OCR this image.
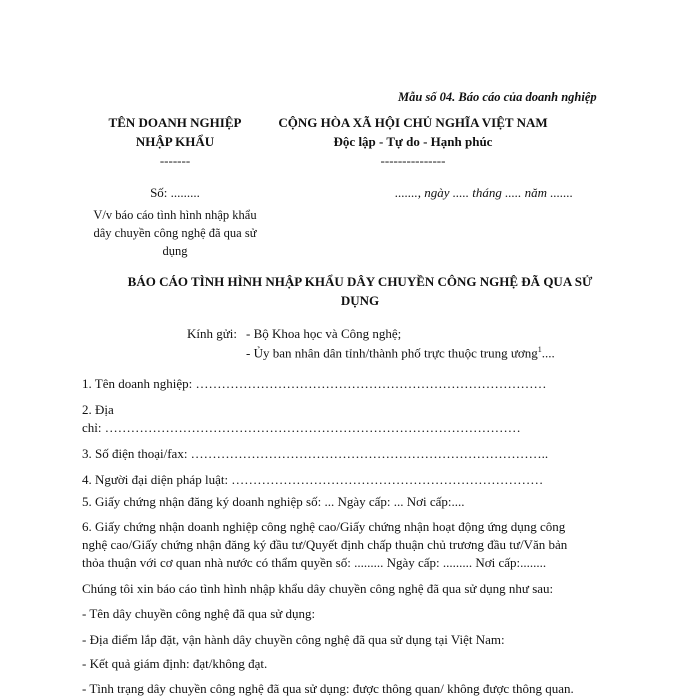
Mẫu số 04. Báo cáo của doanh nghiệp
TÊN DOANH NGHIỆP
NHẬP KHẨU
-------
Số: .........
V/v báo cáo tình hình nhập khẩu
dây chuyền công nghệ đã qua sử
dụng
CỘNG HÒA XÃ HỘI CHỦ NGHĨA VIỆT NAM
Độc lập - Tự do - Hạnh phúc
---------------
......., ngày ..... tháng ..... năm .......
BÁO CÁO TÌNH HÌNH NHẬP KHẨU DÂY CHUYỀN CÔNG NGHỆ ĐÃ QUA SỬ
DỤNG
Kính gửi: - Bộ Khoa học và Công nghệ;
- Ủy ban nhân dân tỉnh/thành phố trực thuộc trung ương$^1$....
1. Tên doanh nghiệp: ………………………………………………………………………
2. Địa
chỉ: ……………………………………………………………………………………
3. Số điện thoại/fax: ………………………………………………………………………..
4. Người đại diện pháp luật: ………………………………………………………………
5. Giấy chứng nhận đăng ký doanh nghiệp số: ... Ngày cấp: ... Nơi cấp:....
6. Giấy chứng nhận doanh nghiệp công nghệ cao/Giấy chứng nhận hoạt động ứng dụng công
nghệ cao/Giấy chứng nhận đăng ký đầu tư/Quyết định chấp thuận chủ trương đầu tư/Văn bản
thỏa thuận với cơ quan nhà nước có thẩm quyền số: ......... Ngày cấp: ......... Nơi cấp:........
Chúng tôi xin báo cáo tình hình nhập khẩu dây chuyền công nghệ đã qua sử dụng như sau:
- Tên dây chuyền công nghệ đã qua sử dụng:
- Địa điểm lắp đặt, vận hành dây chuyền công nghệ đã qua sử dụng tại Việt Nam:
- Kết quả giám định: đạt/không đạt.
- Tình trạng dây chuyền công nghệ đã qua sử dụng: được thông quan/ không được thông quan.
